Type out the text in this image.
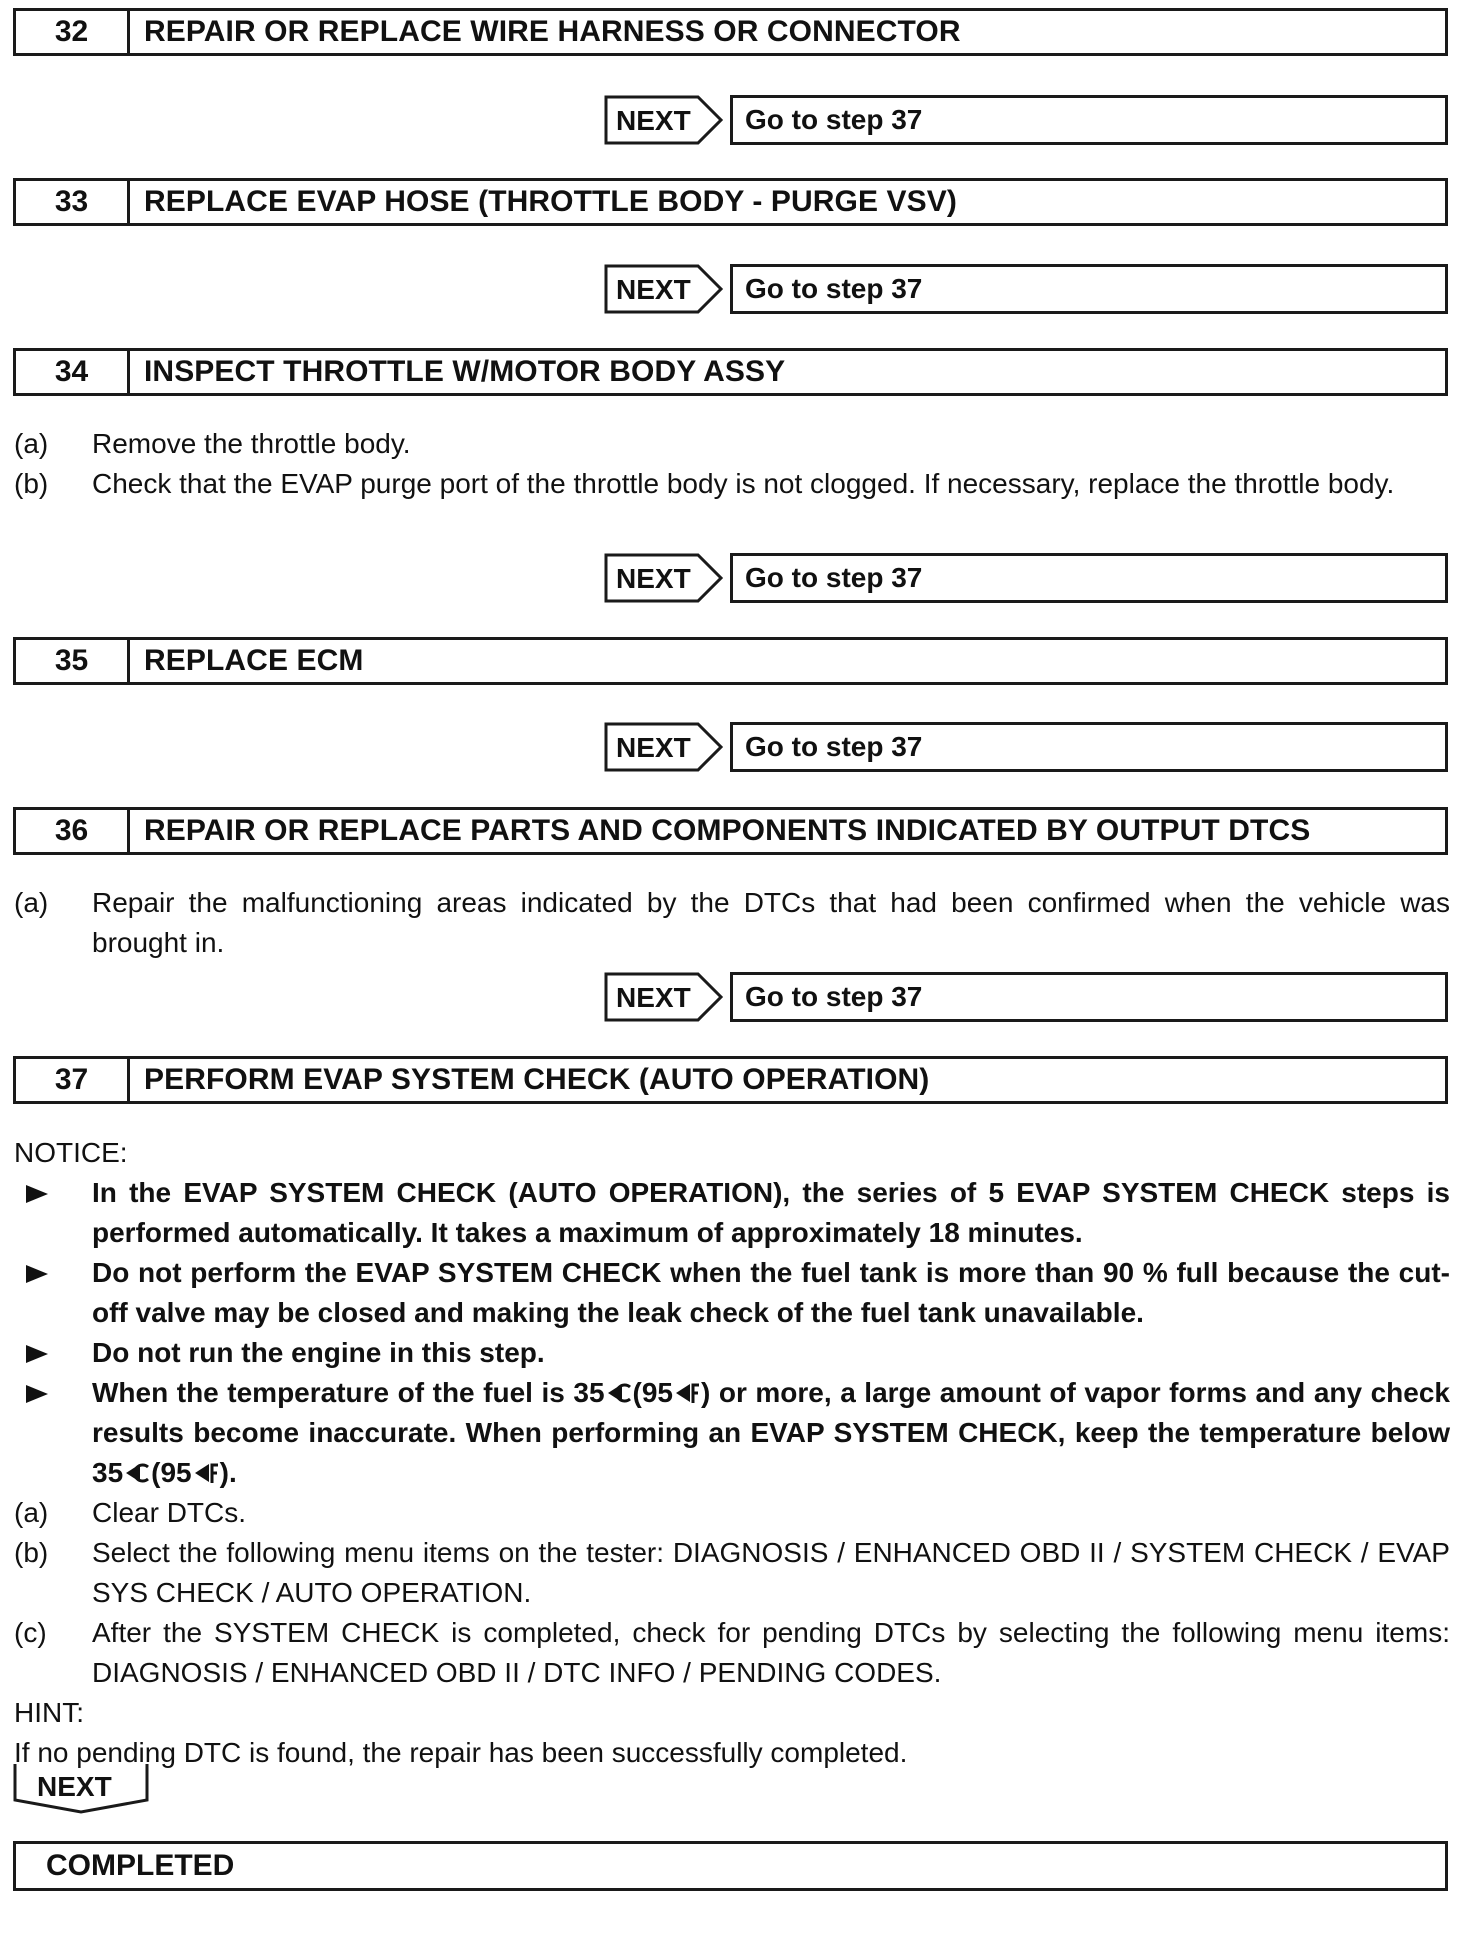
32	REPAIR OR REPLACE WIRE HARNESS OR CONNECTOR
NEXT	Go to step 37
33	REPLACE EVAP HOSE (THROTTLE BODY - PURGE VSV)
NEXT	Go to step 37
34	INSPECT THROTTLE W/MOTOR BODY ASSY
(a) Remove the throttle body.
(b) Check that the EVAP purge port of the throttle body is not clogged. If necessary, replace the throttle body.
NEXT	Go to step 37
35	REPLACE ECM
NEXT	Go to step 37
36	REPAIR OR REPLACE PARTS AND COMPONENTS INDICATED BY OUTPUT DTCS
(a) Repair the malfunctioning areas indicated by the DTCs that had been confirmed when the vehicle was brought in.
NEXT	Go to step 37
37	PERFORM EVAP SYSTEM CHECK (AUTO OPERATION)
NOTICE:
In the EVAP SYSTEM CHECK (AUTO OPERATION), the series of 5 EVAP SYSTEM CHECK steps is performed automatically. It takes a maximum of approximately 18 minutes.
Do not perform the EVAP SYSTEM CHECK when the fuel tank is more than 90 % full because the cut-off valve may be closed and making the leak check of the fuel tank unavailable.
Do not run the engine in this step.
When the temperature of the fuel is 35 (95 ) or more, a large amount of vapor forms and any check results become inaccurate. When performing an EVAP SYSTEM CHECK, keep the temperature below 35 (95 ).
(a) Clear DTCs.
(b) Select the following menu items on the tester: DIAGNOSIS / ENHANCED OBD II / SYSTEM CHECK / EVAP SYS CHECK / AUTO OPERATION.
(c) After the SYSTEM CHECK is completed, check for pending DTCs by selecting the following menu items: DIAGNOSIS / ENHANCED OBD II / DTC INFO / PENDING CODES.
HINT:
If no pending DTC is found, the repair has been successfully completed.
NEXT
COMPLETED
